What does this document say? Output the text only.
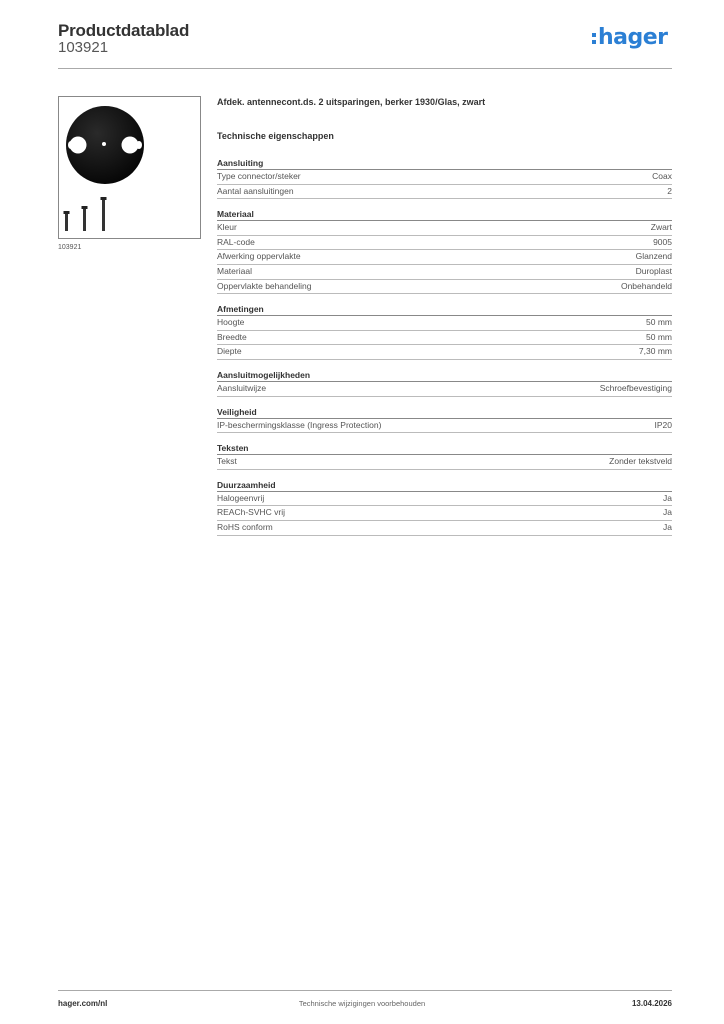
Productdatablad
103921	hager
103921
Afdek. antennecont.ds. 2 uitsparingen, berker 1930/Glas, zwart
Technische eigenschappen
Aansluiting
Type connector/steker	Coax
Aantal aansluitingen	2
Materiaal
Kleur	Zwart
RAL-code	9005
Afwerking oppervlakte	Glanzend
Materiaal	Duroplast
Oppervlakte behandeling	Onbehandeld
Afmetingen
Hoogte	50 mm
Breedte	50 mm
Diepte	7,30 mm
Aansluitmogelijkheden
Aansluitwijze	Schroefbevestiging
Veiligheid
IP-beschermingsklasse (Ingress Protection)	IP20
Teksten
Tekst	Zonder tekstveld
Duurzaamheid
Halogeenvrij	Ja
REACh-SVHC vrij	Ja
RoHS conform	Ja
hager.com/nl	Technische wijzigingen voorbehouden	13.04.2026
